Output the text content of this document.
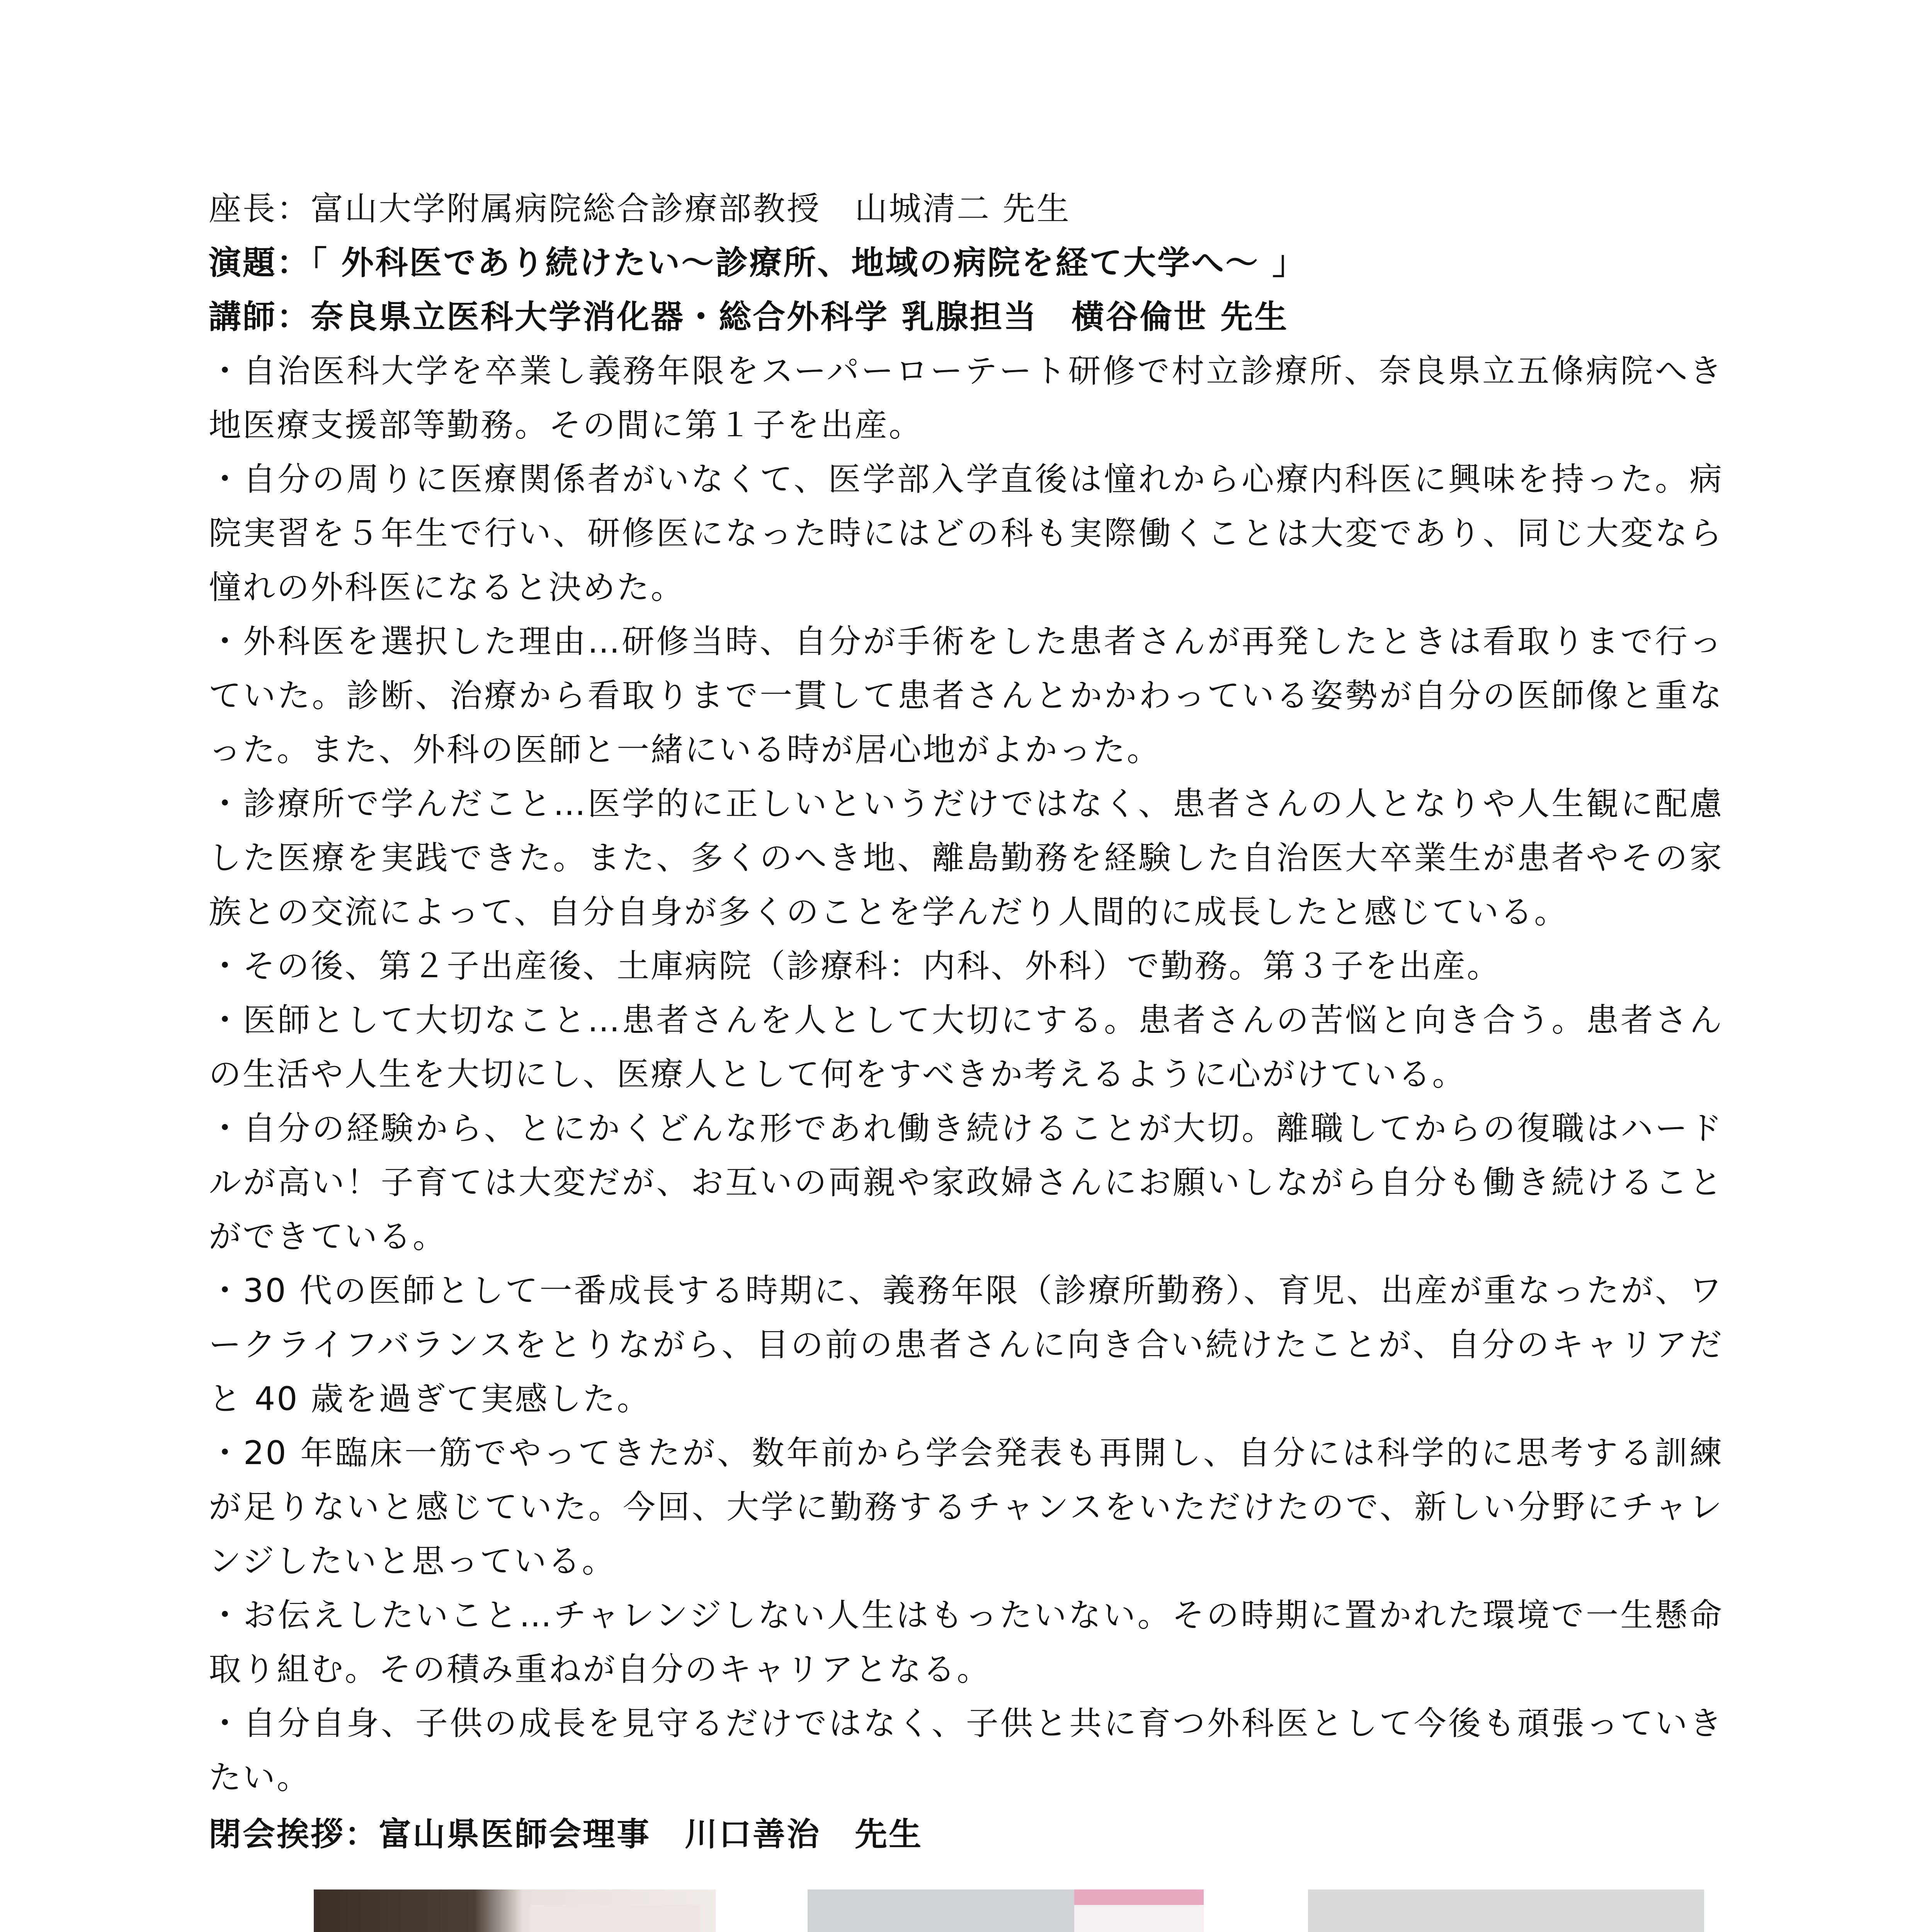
座長：富山大学附属病院総合診療部教授　山城清二 先生

演題：「 外科医であり続けたい～診療所、地域の病院を経て大学へ～ 」

講師：奈良県立医科大学消化器・総合外科学 乳腺担当　横谷倫世 先生

・自治医科大学を卒業し義務年限をスーパーローテート研修で村立診療所、奈良県立五條病院へき地医療支援部等勤務。その間に第１子を出産。

・自分の周りに医療関係者がいなくて、医学部入学直後は憧れから心療内科医に興味を持った。病院実習を５年生で行い、研修医になった時にはどの科も実際働くことは大変であり、同じ大変なら憧れの外科医になると決めた。

・外科医を選択した理由…研修当時、自分が手術をした患者さんが再発したときは看取りまで行っていた。診断、治療から看取りまで一貫して患者さんとかかわっている姿勢が自分の医師像と重なった。また、外科の医師と一緒にいる時が居心地がよかった。

・診療所で学んだこと…医学的に正しいというだけではなく、患者さんの人となりや人生観に配慮した医療を実践できた。また、多くのへき地、離島勤務を経験した自治医大卒業生が患者やその家族との交流によって、自分自身が多くのことを学んだり人間的に成長したと感じている。

・その後、第２子出産後、土庫病院（診療科：内科、外科）で勤務。第３子を出産。

・医師として大切なこと…患者さんを人として大切にする。患者さんの苦悩と向き合う。患者さんの生活や人生を大切にし、医療人として何をすべきか考えるように心がけている。

・自分の経験から、とにかくどんな形であれ働き続けることが大切。離職してからの復職はハードルが高い！子育ては大変だが、お互いの両親や家政婦さんにお願いしながら自分も働き続けることができている。

・30 代の医師として一番成長する時期に、義務年限（診療所勤務）、育児、出産が重なったが、ワークライフバランスをとりながら、目の前の患者さんに向き合い続けたことが、自分のキャリアだと 40 歳を過ぎて実感した。

・20 年臨床一筋でやってきたが、数年前から学会発表も再開し、自分には科学的に思考する訓練が足りないと感じていた。今回、大学に勤務するチャンスをいただけたので、新しい分野にチャレンジしたいと思っている。

・お伝えしたいこと…チャレンジしない人生はもったいない。その時期に置かれた環境で一生懸命取り組む。その積み重ねが自分のキャリアとなる。

・自分自身、子供の成長を見守るだけではなく、子供と共に育つ外科医として今後も頑張っていきたい。

閉会挨拶：富山県医師会理事　川口善治　先生
